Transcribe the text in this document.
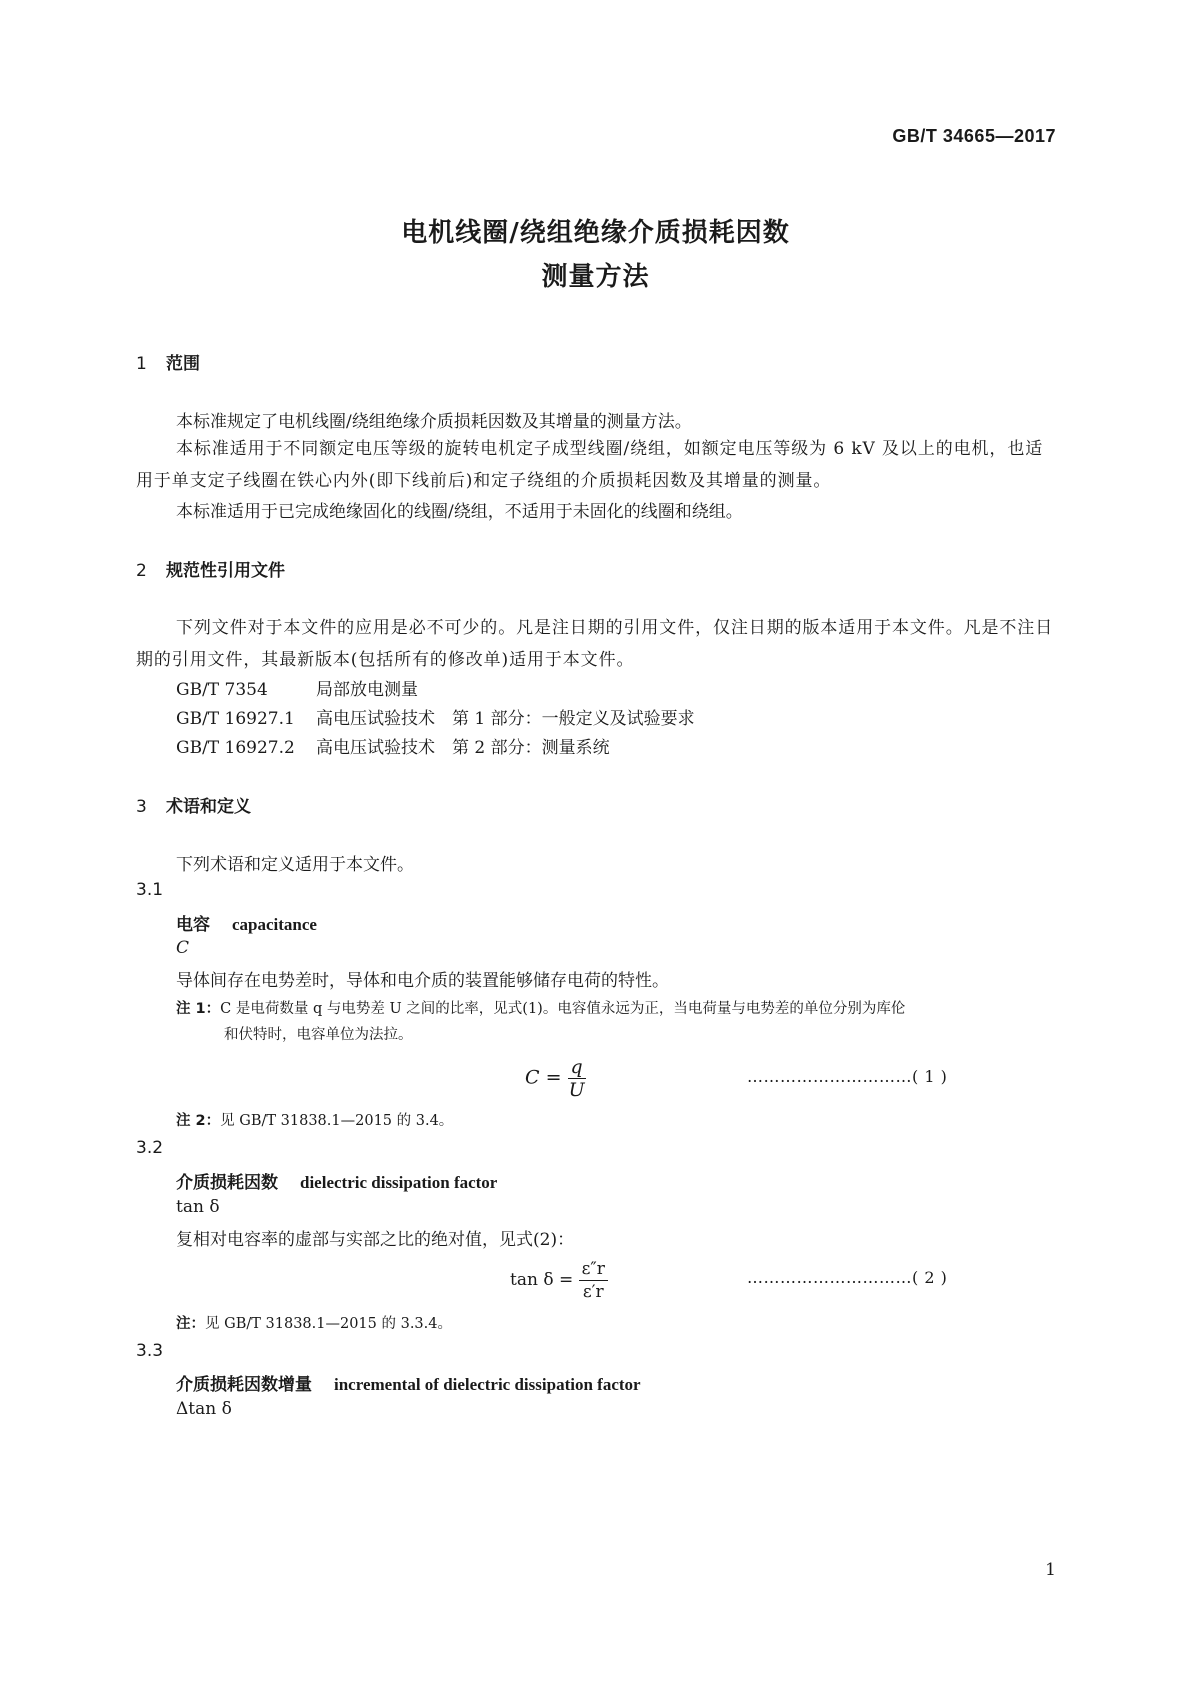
GB/T 34665—2017
电机线圈/绕组绝缘介质损耗因数
测量方法
1 范围
本标准规定了电机线圈/绕组绝缘介质损耗因数及其增量的测量方法。
本标准适用于不同额定电压等级的旋转电机定子成型线圈/绕组，如额定电压等级为 6 kV 及以上的电机，也适用于单支定子线圈在铁心内外(即下线前后)和定子绕组的介质损耗因数及其增量的测量。
本标准适用于已完成绝缘固化的线圈/绕组，不适用于未固化的线圈和绕组。
2 规范性引用文件
下列文件对于本文件的应用是必不可少的。凡是注日期的引用文件，仅注日期的版本适用于本文件。凡是不注日期的引用文件，其最新版本(包括所有的修改单)适用于本文件。
GB/T 7354	局部放电测量
GB/T 16927.1 高电压试验技术　第 1 部分：一般定义及试验要求
GB/T 16927.2 高电压试验技术　第 2 部分：测量系统
3 术语和定义
下列术语和定义适用于本文件。
3.1
电容 capacitance
C
导体间存在电势差时，导体和电介质的装置能够储存电荷的特性。
注 1：C 是电荷数量 q 与电势差 U 之间的比率，见式(1)。电容值永远为正，当电荷量与电势差的单位分别为库伦
和伏特时，电容单位为法拉。
$C = \frac{q}{U}$	…………………………( 1 )
注 2：见 GB/T 31838.1—2015 的 3.4。
3.2
介质损耗因数 dielectric dissipation factor
tan δ
复相对电容率的虚部与实部之比的绝对值，见式(2)：
$\tan \delta = \frac{\varepsilon''r}{\varepsilon'r}$	…………………………( 2 )
注：见 GB/T 31838.1—2015 的 3.3.4。
3.3
介质损耗因数增量 incremental of dielectric dissipation factor
Δtan δ
1
